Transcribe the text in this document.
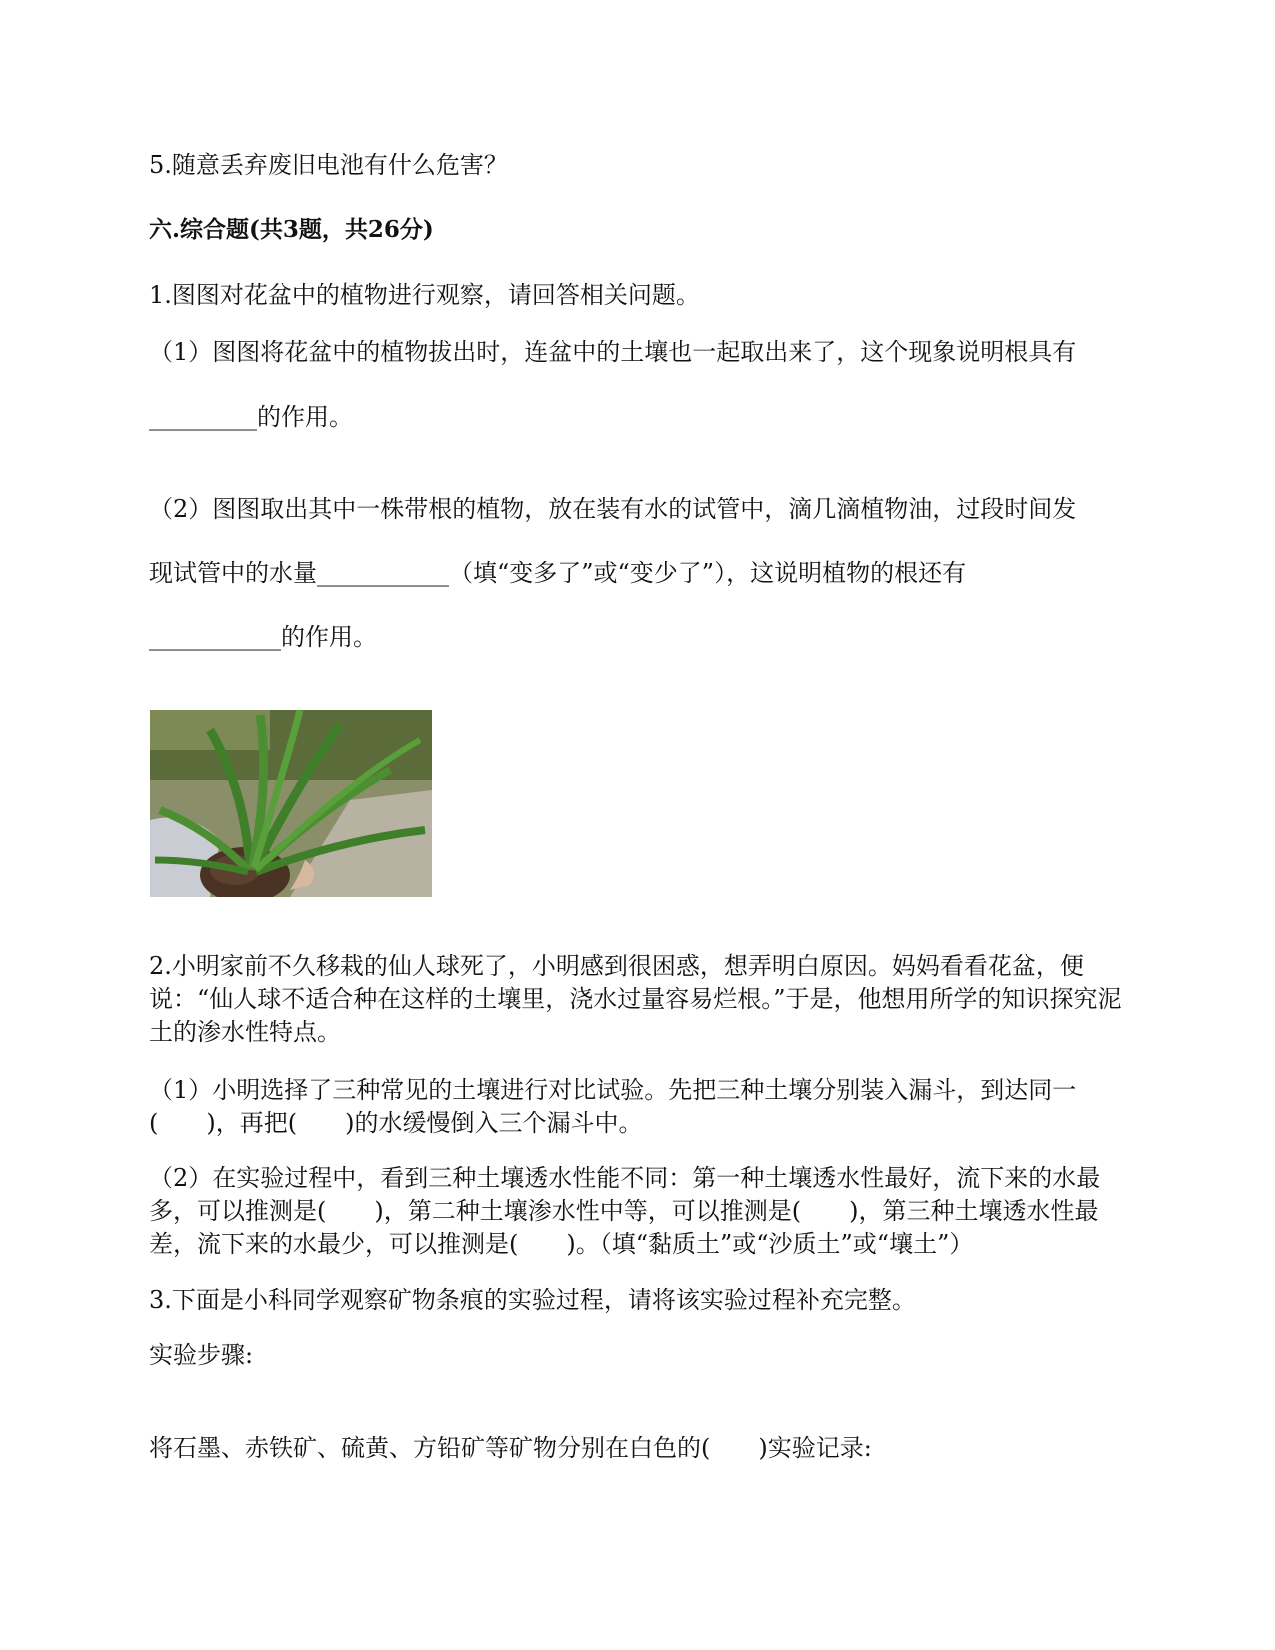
5.随意丢弃废旧电池有什么危害？

六.综合题(共3题，共26分)

1.图图对花盆中的植物进行观察，请回答相关问题。

（1）图图将花盆中的植物拔出时，连盆中的土壤也一起取出来了，这个现象说明根具有

_________的作用。

（2）图图取出其中一株带根的植物，放在装有水的试管中，滴几滴植物油，过段时间发

现试管中的水量___________（填“变多了”或“变少了”），这说明植物的根还有

___________的作用。

2.小明家前不久移栽的仙人球死了，小明感到很困惑，想弄明白原因。妈妈看看花盆，便说：“仙人球不适合种在这样的土壤里，浇水过量容易烂根。”于是，他想用所学的知识探究泥土的渗水性特点。

（1）小明选择了三种常见的土壤进行对比试验。先把三种土壤分别装入漏斗，到达同一(　　)，再把(　　)的水缓慢倒入三个漏斗中。

（2）在实验过程中，看到三种土壤透水性能不同：第一种土壤透水性最好，流下来的水最多，可以推测是(　　)，第二种土壤渗水性中等，可以推测是(　　)，第三种土壤透水性最差，流下来的水最少，可以推测是(　　)。（填“黏质土”或“沙质土”或“壤土”）

3.下面是小科同学观察矿物条痕的实验过程，请将该实验过程补充完整。

实验步骤:

将石墨、赤铁矿、硫黄、方铅矿等矿物分别在白色的(　　)实验记录:
